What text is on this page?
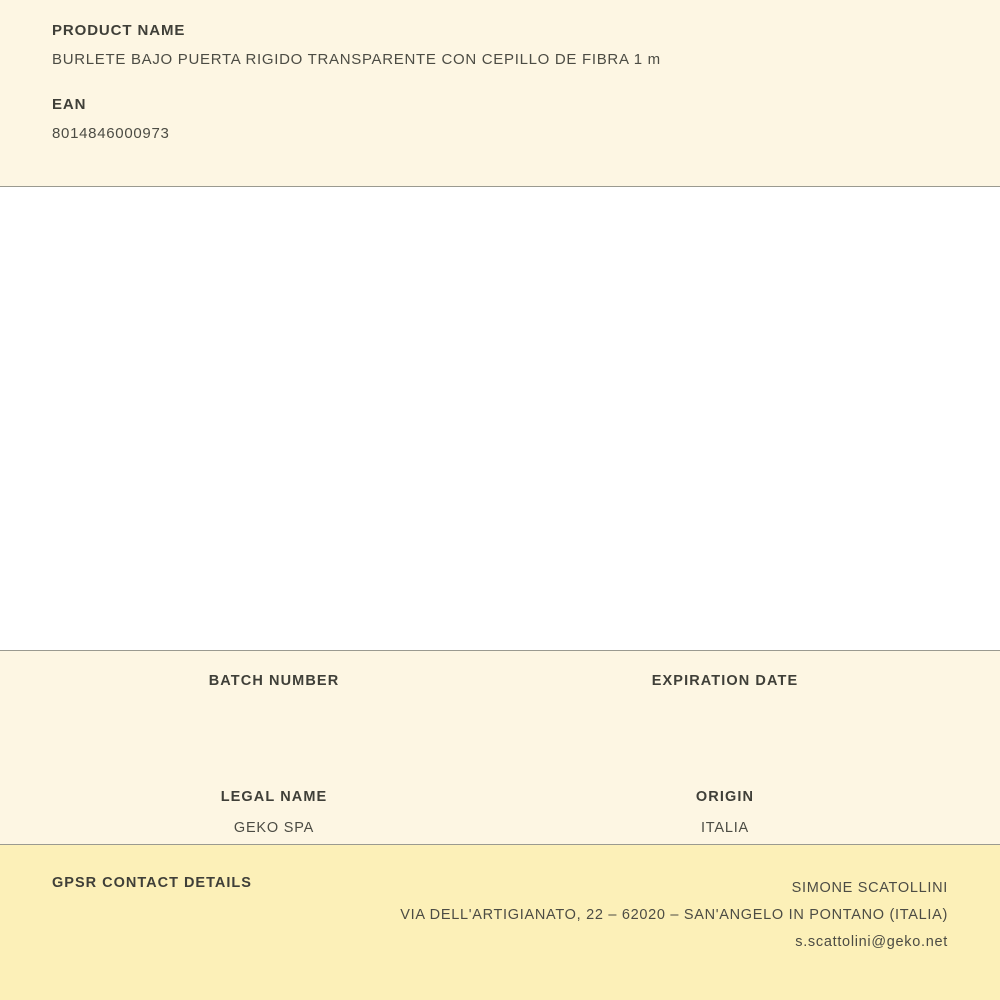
PRODUCT NAME
BURLETE BAJO PUERTA RIGIDO TRANSPARENTE CON CEPILLO DE FIBRA 1 m
EAN
8014846000973
BATCH NUMBER	EXPIRATION DATE
LEGAL NAME
GEKO SPA
ORIGIN
ITALIA
GPSR CONTACT DETAILS	SIMONE SCATOLLINI
VIA DELL'ARTIGIANATO, 22 – 62020 – SAN'ANGELO IN PONTANO (ITALIA)
s.scattolini@geko.net
